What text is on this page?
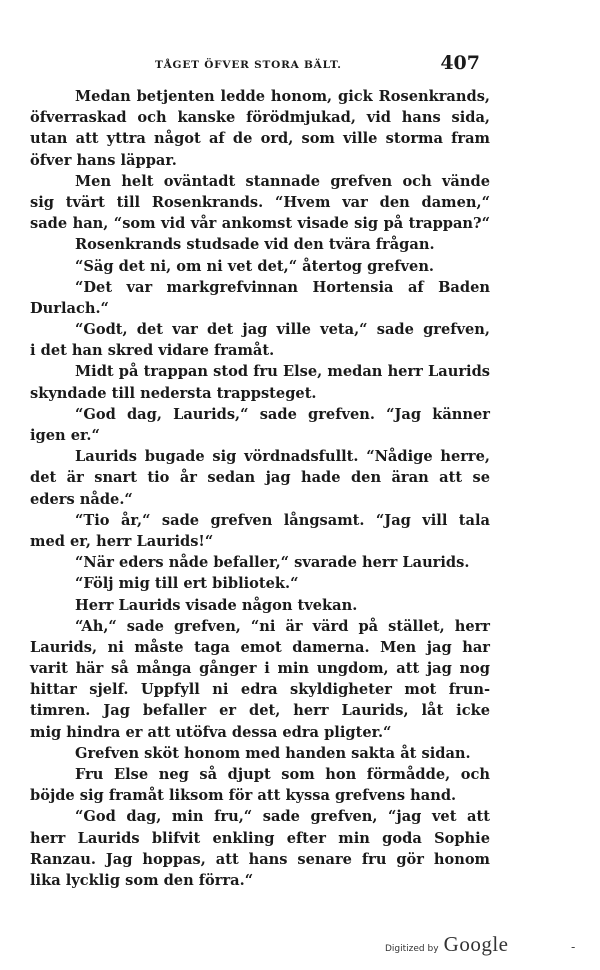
TÅGET ÖFVER STORA BÄLT.	407
Medan betjenten ledde honom, gick Rosenkrands,
öfverraskad och kanske förödmjukad, vid hans sida,
utan att yttra något af de ord, som ville storma fram
öfver hans läppar.
Men helt oväntadt stannade grefven och vände
sig tvärt till Rosenkrands. “Hvem var den damen,“
sade han, “som vid vår ankomst visade sig på trappan?“
Rosenkrands studsade vid den tvära frågan.
“Säg det ni, om ni vet det,“ återtog grefven.
“Det var markgrefvinnan Hortensia af Baden
Durlach.“
“Godt, det var det jag ville veta,“ sade grefven,
i det han skred vidare framåt.
Midt på trappan stod fru Else, medan herr Laurids
skyndade till nedersta trappsteget.
“God dag, Laurids,“ sade grefven. “Jag känner
igen er.“
Laurids bugade sig vördnadsfullt. “Nådige herre,
det är snart tio år sedan jag hade den äran att se
eders nåde.“
“Tio år,“ sade grefven långsamt. “Jag vill tala
med er, herr Laurids!“
“När eders nåde befaller,“ svarade herr Laurids.
“Följ mig till ert bibliotek.“
Herr Laurids visade någon tvekan.
“Ah,“ sade grefven, “ni är värd på stället, herr
Laurids, ni måste taga emot damerna. Men jag har
varit här så många gånger i min ungdom, att jag nog
hittar sjelf. Uppfyll ni edra skyldigheter mot frun-
timren. Jag befaller er det, herr Laurids, låt icke
mig hindra er att utöfva dessa edra pligter.“
Grefven sköt honom med handen sakta åt sidan.
Fru Else neg så djupt som hon förmådde, och
böjde sig framåt liksom för att kyssa grefvens hand.
“God dag, min fru,“ sade grefven, “jag vet att
herr Laurids blifvit enkling efter min goda Sophie
Ranzau. Jag hoppas, att hans senare fru gör honom
lika lycklig som den förra.“
Digitized by Google	-
